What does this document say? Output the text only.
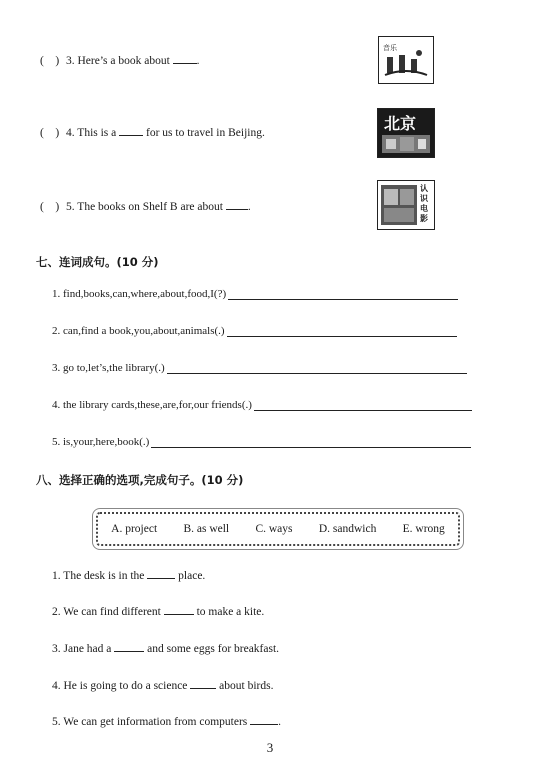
( ) 3. Here’s a book about .
音乐
( ) 4. This is a	for us to travel in Beijing.	北京
( ) 5. The books on Shelf B are about .
认识电影
七、连词成句。(10 分)
1. find,books,can,where,about,food,I(?)
2. can,find a book,you,about,animals(.)
3. go to,let’s,the library(.)
4. the library cards,these,are,for,our friends(.)
5. is,your,here,book(.)
八、选择正确的选项,完成句子。(10 分)
A. project B. as well C. ways D. sandwich E. wrong
1. The desk is in the	place.
2. We can find different	to make a kite.
3. Jane had a	and some eggs for breakfast.
4. He is going to do a science	about birds.
5. We can get information from computers	.
3
